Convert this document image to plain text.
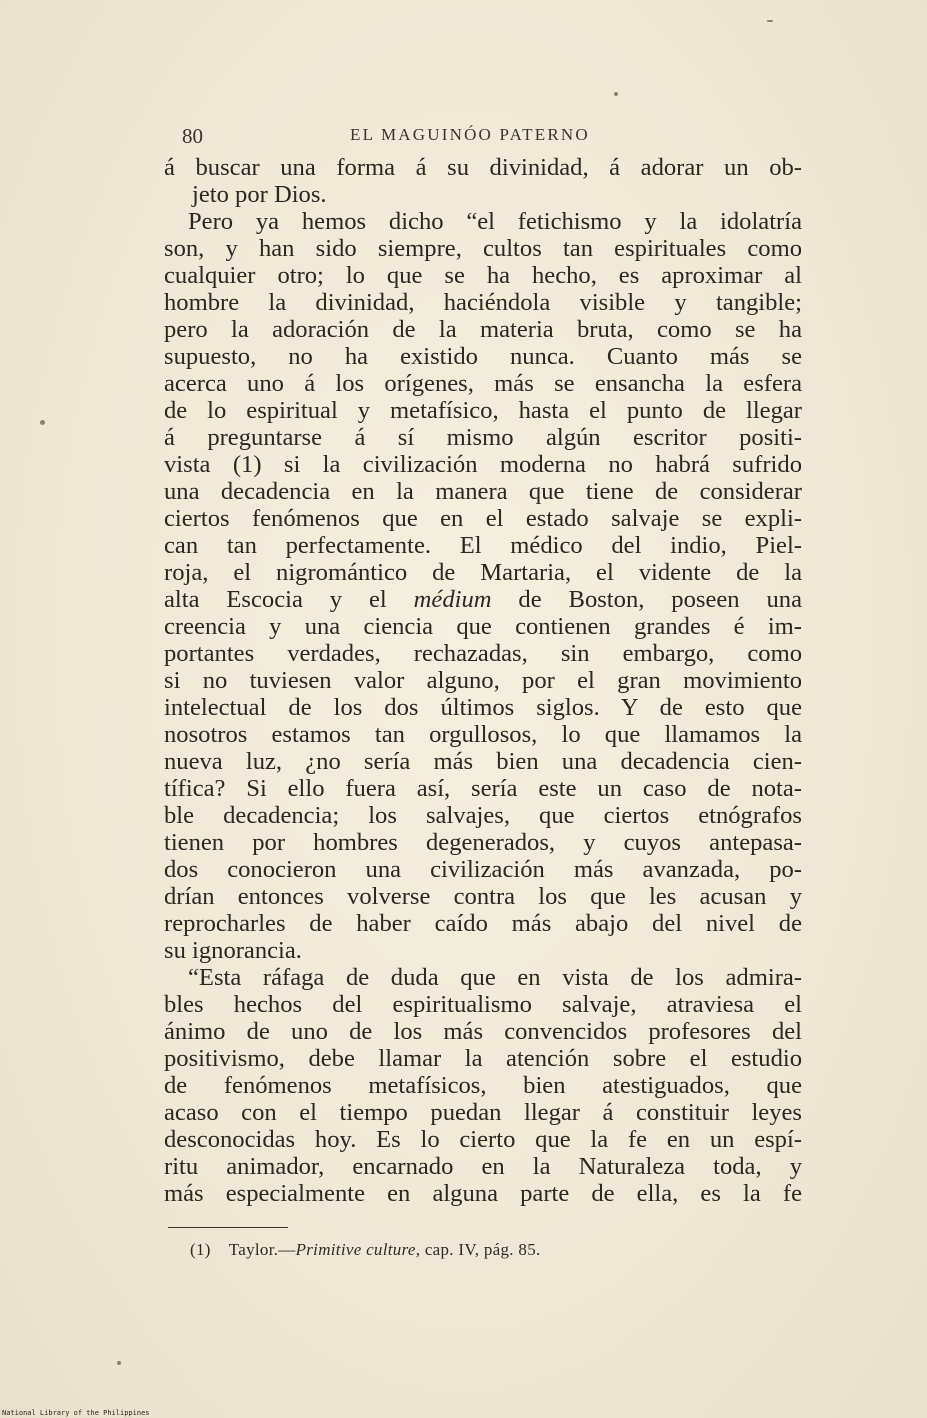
80	EL MAGUINÓO PATERNO
á buscar una forma á su divinidad, á adorar un ob-
jeto por Dios.
Pero ya hemos dicho “el fetichismo y la idolatría
son, y han sido siempre, cultos tan espirituales como
cualquier otro; lo que se ha hecho, es aproximar al
hombre la divinidad, haciéndola visible y tangible;
pero la adoración de la materia bruta, como se ha
supuesto, no ha existido nunca. Cuanto más se
acerca uno á los orígenes, más se ensancha la esfera
de lo espiritual y metafísico, hasta el punto de llegar
á preguntarse á sí mismo algún escritor positi-
vista (1) si la civilización moderna no habrá sufrido
una decadencia en la manera que tiene de considerar
ciertos fenómenos que en el estado salvaje se expli-
can tan perfectamente. El médico del indio, Piel-
roja, el nigromántico de Martaria, el vidente de la
alta Escocia y el médium de Boston, poseen una
creencia y una ciencia que contienen grandes é im-
portantes verdades, rechazadas, sin embargo, como
si no tuviesen valor alguno, por el gran movimiento
intelectual de los dos últimos siglos. Y de esto que
nosotros estamos tan orgullosos, lo que llamamos la
nueva luz, ¿no sería más bien una decadencia cien-
tífica? Si ello fuera así, sería este un caso de nota-
ble decadencia; los salvajes, que ciertos etnógrafos
tienen por hombres degenerados, y cuyos antepasa-
dos conocieron una civilización más avanzada, po-
drían entonces volverse contra los que les acusan y
reprocharles de haber caído más abajo del nivel de
su ignorancia.
“Esta ráfaga de duda que en vista de los admira-
bles hechos del espiritualismo salvaje, atraviesa el
ánimo de uno de los más convencidos profesores del
positivismo, debe llamar la atención sobre el estudio
de fenómenos metafísicos, bien atestiguados, que
acaso con el tiempo puedan llegar á constituir leyes
desconocidas hoy. Es lo cierto que la fe en un espí-
ritu animador, encarnado en la Naturaleza toda, y
más especialmente en alguna parte de ella, es la fe
(1) Taylor.—Primitive culture, cap. IV, pág. 85.
National Library of the Philippines
